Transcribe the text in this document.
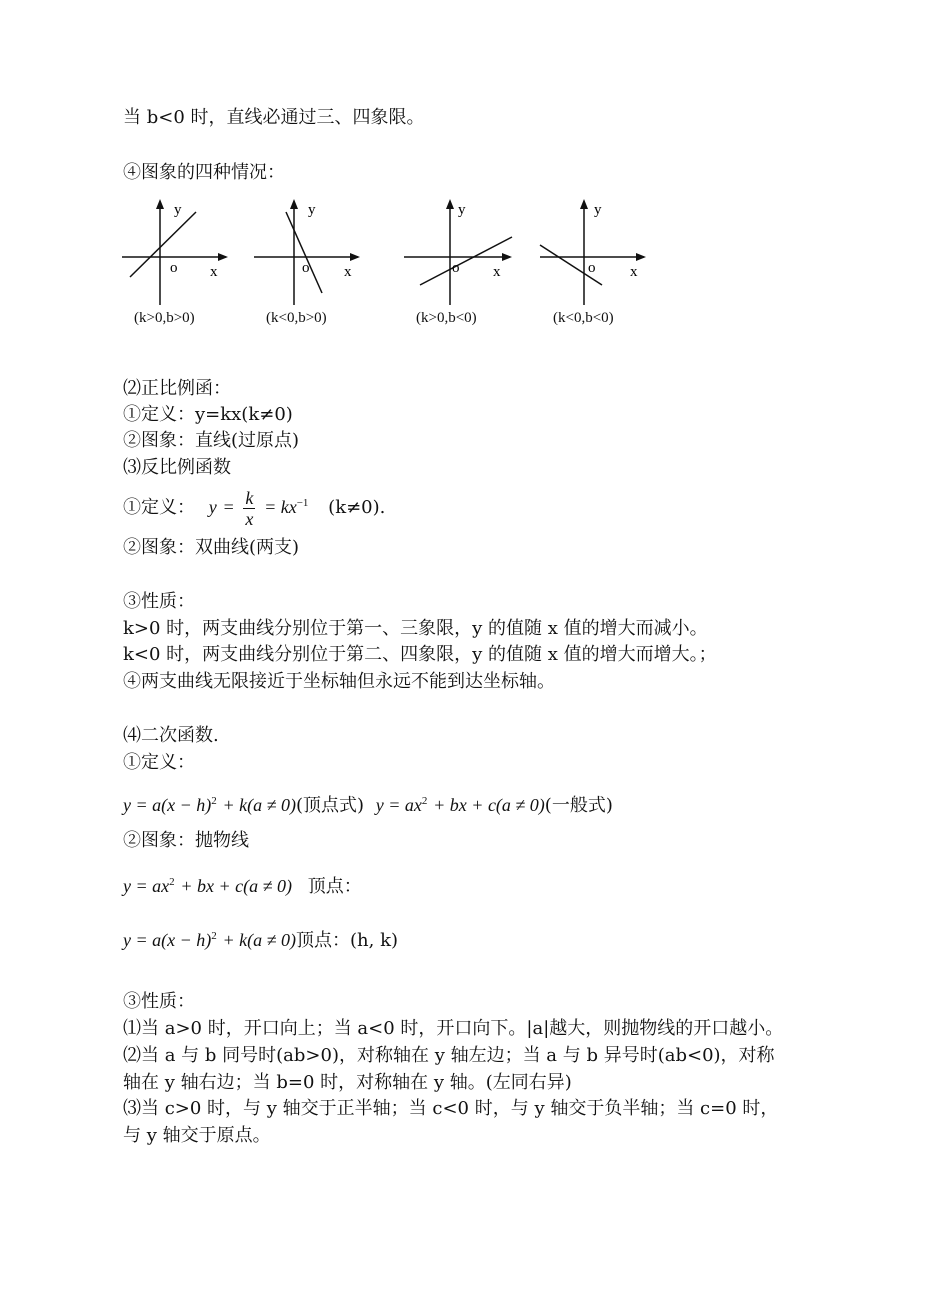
当 b<0 时，直线必通过三、四象限。
④图象的四种情况：
y
o x
(k>0,b>0)
y
o x
(k<0,b>0)
y
o x
(k>0,b<0)
y
o x
(k<0,b<0)
⑵正比例函：
①定义：y=kx(k≠0)
②图象：直线(过原点)
⑶反比例函数
①定义： $y = \frac{k}{x} = kx^{-1}$ (k≠0).
②图象：双曲线(两支)
③性质：
k>0 时，两支曲线分别位于第一、三象限，y 的值随 x 值的增大而减小。
k<0 时，两支曲线分别位于第二、四象限，y 的值随 x 值的增大而增大。；
④两支曲线无限接近于坐标轴但永远不能到达坐标轴。
⑷二次函数.
①定义：
$y = a(x - h)^2 + k(a \ne 0)$(顶点式) $y = ax^2$ + bx + c(a ≠ 0)(一般式)
②图象：抛物线
$y = ax^2$ + bx + c(a ≠ 0) 顶点：
$y = a(x - h)^2 + k(a \ne 0)$顶点：(h, k)
③性质：
⑴当 a>0 时，开口向上；当 a<0 时，开口向下。|a|越大，则抛物线的开口越小。
⑵当 a 与 b 同号时(ab>0)，对称轴在 y 轴左边；当 a 与 b 异号时(ab<0)，对称
轴在 y 轴右边；当 b=0 时，对称轴在 y 轴。(左同右异)
⑶当 c>0 时，与 y 轴交于正半轴；当 c<0 时，与 y 轴交于负半轴；当 c=0 时，
与 y 轴交于原点。
